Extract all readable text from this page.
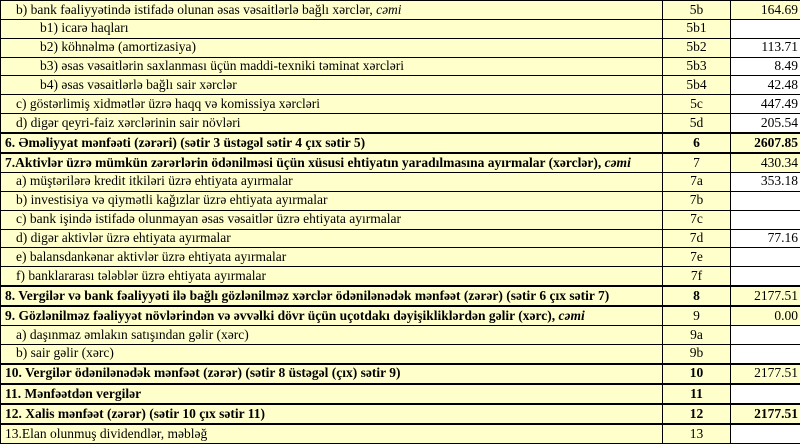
b) bank fəaliyyətində istifadə olunan əsas vəsaitlərlə bağlı xərclər, cəmi	5b	164.69
b1) icarə haqları	5b1	
b2) köhnəlmə (amortizasiya)	5b2	113.71
b3) əsas vəsaitlərin saxlanması üçün maddi-texniki təminat xərcləri	5b3	8.49
b4) əsas vəsaitlərlə bağlı sair xərclər	5b4	42.48
c) göstərlimiş xidmətlər üzrə haqq və komissiya xərcləri	5c	447.49
d) digər qeyri-faiz xərclərinin sair növləri	5d	205.54
6. Əməliyyat mənfəəti (zərəri) (sətir 3 üstəgəl sətir 4 çıx sətir 5)	6	2607.85
7.Aktivlər üzrə mümkün zərərlərin ödənilməsi üçün xüsusi ehtiyatın yaradılmasına ayırmalar (xərclər), cəmi	7	430.34
a) müştərilərə kredit itkiləri üzrə ehtiyata ayırmalar	7a	353.18
b) investisiya və qiymətli kağızlar üzrə ehtiyata ayırmalar	7b	
c) bank işində istifadə olunmayan əsas vəsaitlər üzrə ehtiyata ayırmalar	7c	
d) digər aktivlər üzrə ehtiyata ayırmalar	7d	77.16
e) balansdankənar aktivlər üzrə ehtiyata ayırmalar	7e	
f) banklararası tələblər üzrə ehtiyata ayırmalar	7f	
8. Vergilər və bank fəaliyyəti ilə bağlı gözlənilməz xərclər ödənilənədək mənfəət (zərər) (sətir 6 çıx sətir 7)	8	2177.51
9. Gözlənilməz fəaliyyət növlərindən və əvvəlki dövr üçün uçotdakı dəyişikliklərdən gəlir (xərc), cəmi	9	0.00
a) daşınmaz əmlakın satışından gəlir (xərc)	9a	
b) sair gəlir (xərc)	9b	
10. Vergilər ödənilənədək mənfəət (zərər) (sətir 8 üstəgəl (çıx) sətir 9)	10	2177.51
11. Mənfəətdən vergilər	11	
12. Xalis mənfəət (zərər) (sətir 10 çıx sətir 11)	12	2177.51
13.Elan olunmuş dividendlər, məbləğ	13	
